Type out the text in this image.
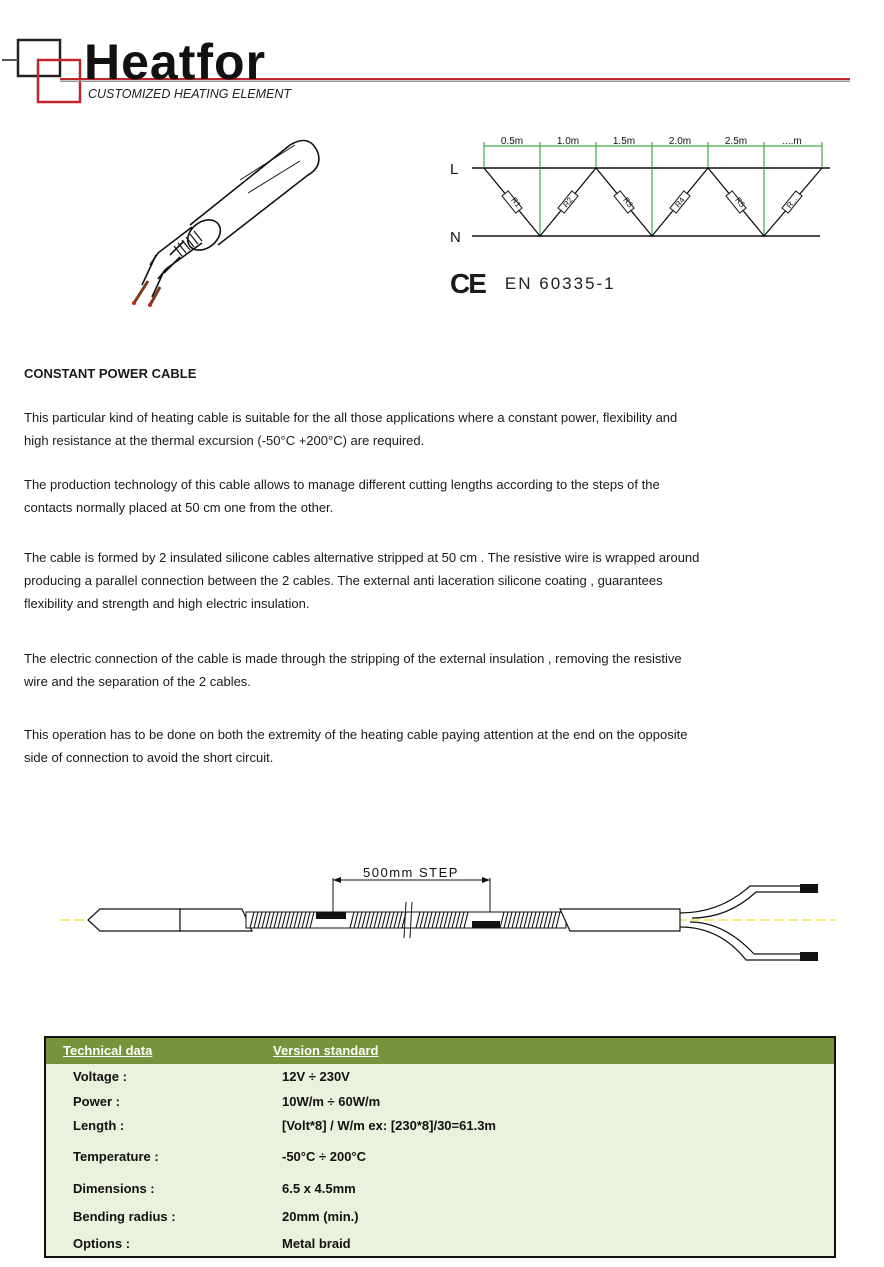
Heatfor
CUSTOMIZED HEATING ELEMENT
L
N
0.5m	1.0m	1.5m	2.0m	2.5m	....m
R1	R2	R3	R4	R5	R...
CE EN 60335-1
CONSTANT POWER CABLE
This particular kind of heating cable is suitable for the all those applications where a constant power, flexibility and
high resistance at the thermal excursion (-50°C +200°C) are required.
The production technology of this cable allows to manage different cutting lengths according to the steps of the
contacts normally placed at 50 cm one from the other.
The cable is formed by 2 insulated silicone cables alternative stripped at 50 cm . The resistive wire is wrapped around
producing a parallel connection between the 2 cables. The external anti laceration silicone coating , guarantees
flexibility and strength and high electric insulation.
The electric connection of the cable is made through the stripping of the external insulation , removing the resistive
wire and the separation of the 2 cables.
This operation has to be done on both the extremity of the heating cable paying attention at the end on the opposite
side of connection to avoid the short circuit.
500mm STEP
Technical data	Version standard
Voltage :	12V ÷ 230V
Power :	10W/m ÷ 60W/m
Length :	[Volt*8] / W/m ex: [230*8]/30=61.3m
Temperature :	-50°C ÷ 200°C
Dimensions :	6.5 x 4.5mm
Bending radius :	20mm (min.)
Options :	Metal braid
